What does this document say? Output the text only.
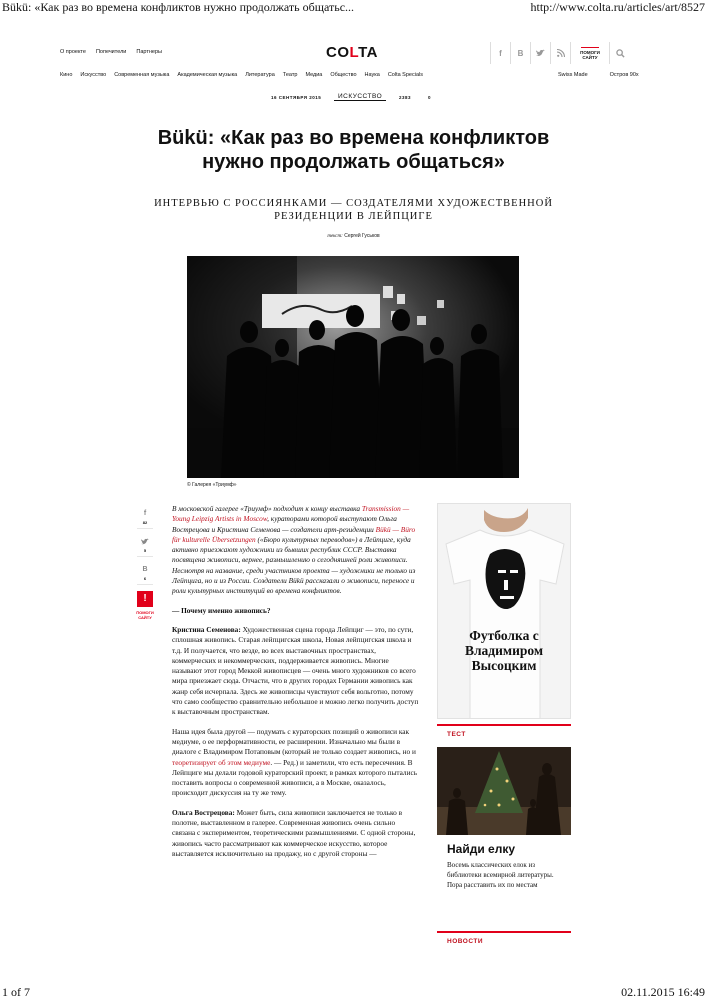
Bükü: «Как раз во времена конфликтов нужно продолжать общатьс...	http://www.colta.ru/articles/art/8527
О проекте Попечители Партнеры	COLTA	f	B	ПОМОГИ
САЙТУ
Кино Искусство Современная музыка Академическая музыка Литература Театр Медиа Общество Наука Colta Specials	Swiss Made	Остров 90х
16 СЕНТЯБРЯ 2015	ИСКУССТВО	2383	0
Bükü: «Как раз во времена конфликтов нужно продолжать общаться»
ИНТЕРВЬЮ С РОССИЯНКАМИ — СОЗДАТЕЛЯМИ ХУДОЖЕСТВЕННОЙ РЕЗИДЕНЦИИ В ЛЕЙПЦИГЕ
текст: Сергей Гуськов
© Галерея «Триумф»
f
82
5
B
6
!
ПОМОГИ
САЙТУ

В московской галерее «Триумф» подходит к концу выставка Transmission — Young Leipzig Artists in Moscow, кураторами которой выступают Ольга Вострецова и Кристина Семенова — создатели арт-резиденции Bükü — Büro für kulturelle Übersetzungen («Бюро культурных переводов») в Лейпциге, куда активно приезжают художники из бывших республик СССР. Выставка посвящена живописи, вернее, размышлению о сегодняшней роли живописи. Несмотря на название, среди участников проекта — художники не только из Лейпцига, но и из России. Создатели Bükü рассказали о живописи, переносе и роли культурных институций во времена конфликтов.

— Почему именно живопись?

Кристина Семенова: Художественная сцена города Лейпциг — это, по сути, сплошная живопись. Старая лейпцигская школа, Новая лейпцигская школа и т.д. И получается, что везде, во всех выставочных пространствах, коммерческих и некоммерческих, поддерживается живопись. Многие называют этот город Меккой живописцев — очень много художников со всего мира приезжает сюда. Отчасти, что в других городах Германии живопись как жанр себя исчерпала. Здесь же живописцы чувствуют себя вольготно, потому что само сообщество сравнительно небольшое и можно легко получить доступ к выставочным пространствам.

Наша идея была другой — подумать с кураторских позиций о живописи как медиуме, о ее перформативности, ее расширении. Изначально мы были в диалоге с Владимиром Потаповым (который не только создает живопись, но и теоретизирует об этом медиуме. — Ред.) и заметили, что есть пересечения. В Лейпциге мы делали годовой кураторский проект, в рамках которого пытались поставить вопросы о современной живописи, а в Москве, оказалось, происходит дискуссия на ту же тему.

Ольга Вострецова: Может быть, сила живописи заключается не только в полотне, выставленном в галерее. Современная живопись очень сильно связана с экспериментом, теоретическими размышлениями. С одной стороны, живопись часто рассматривают как коммерческое искусство, которое выставляется исключительно на продажу, но с другой стороны —

Футболка с Владимиром Высоцким
ТЕСТ
Найди елку
Восемь классических елок из библиотеки всемирной литературы. Пора расставить их по местам
НОВОСТИ
1 of 7	02.11.2015 16:49
